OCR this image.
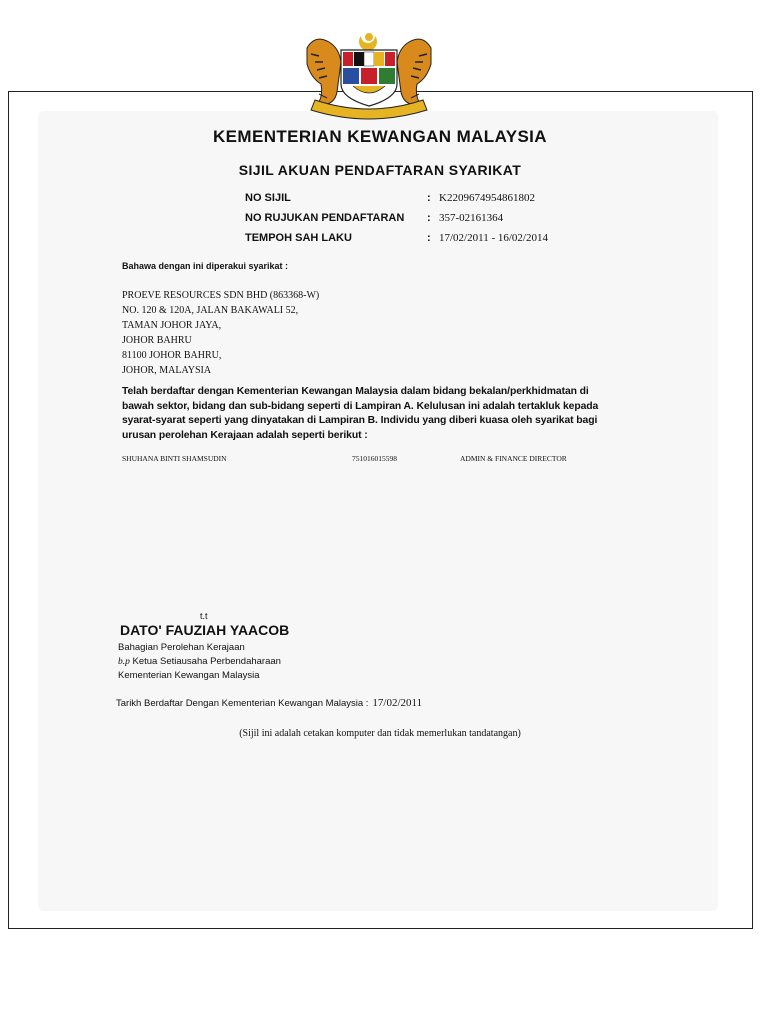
KEMENTERIAN KEWANGAN MALAYSIA
SIJIL AKUAN PENDAFTARAN SYARIKAT
NO SIJIL	: K2209674954861802
NO RUJUKAN PENDAFTARAN : 357-02161364
TEMPOH SAH LAKU	: 17/02/2011 - 16/02/2014
Bahawa dengan ini diperakui syarikat :
PROEVE RESOURCES SDN BHD (863368-W)
NO. 120 & 120A, JALAN BAKAWALI 52,
TAMAN JOHOR JAYA,
JOHOR BAHRU
81100 JOHOR BAHRU,
JOHOR, MALAYSIA
Telah berdaftar dengan Kementerian Kewangan Malaysia dalam bidang bekalan/perkhidmatan di bawah sektor, bidang dan sub-bidang seperti di Lampiran A. Kelulusan ini adalah tertakluk kepada syarat-syarat seperti yang dinyatakan di Lampiran B. Individu yang diberi kuasa oleh syarikat bagi urusan perolehan Kerajaan adalah seperti berikut :
SHUHANA BINTI SHAMSUDIN	751016015598	ADMIN & FINANCE DIRECTOR
t.t
DATO' FAUZIAH YAACOB
Bahagian Perolehan Kerajaan
b.p Ketua Setiausaha Perbendaharaan
Kementerian Kewangan Malaysia
Tarikh Berdaftar Dengan Kementerian Kewangan Malaysia : 17/02/2011
(Sijil ini adalah cetakan komputer dan tidak memerlukan tandatangan)
